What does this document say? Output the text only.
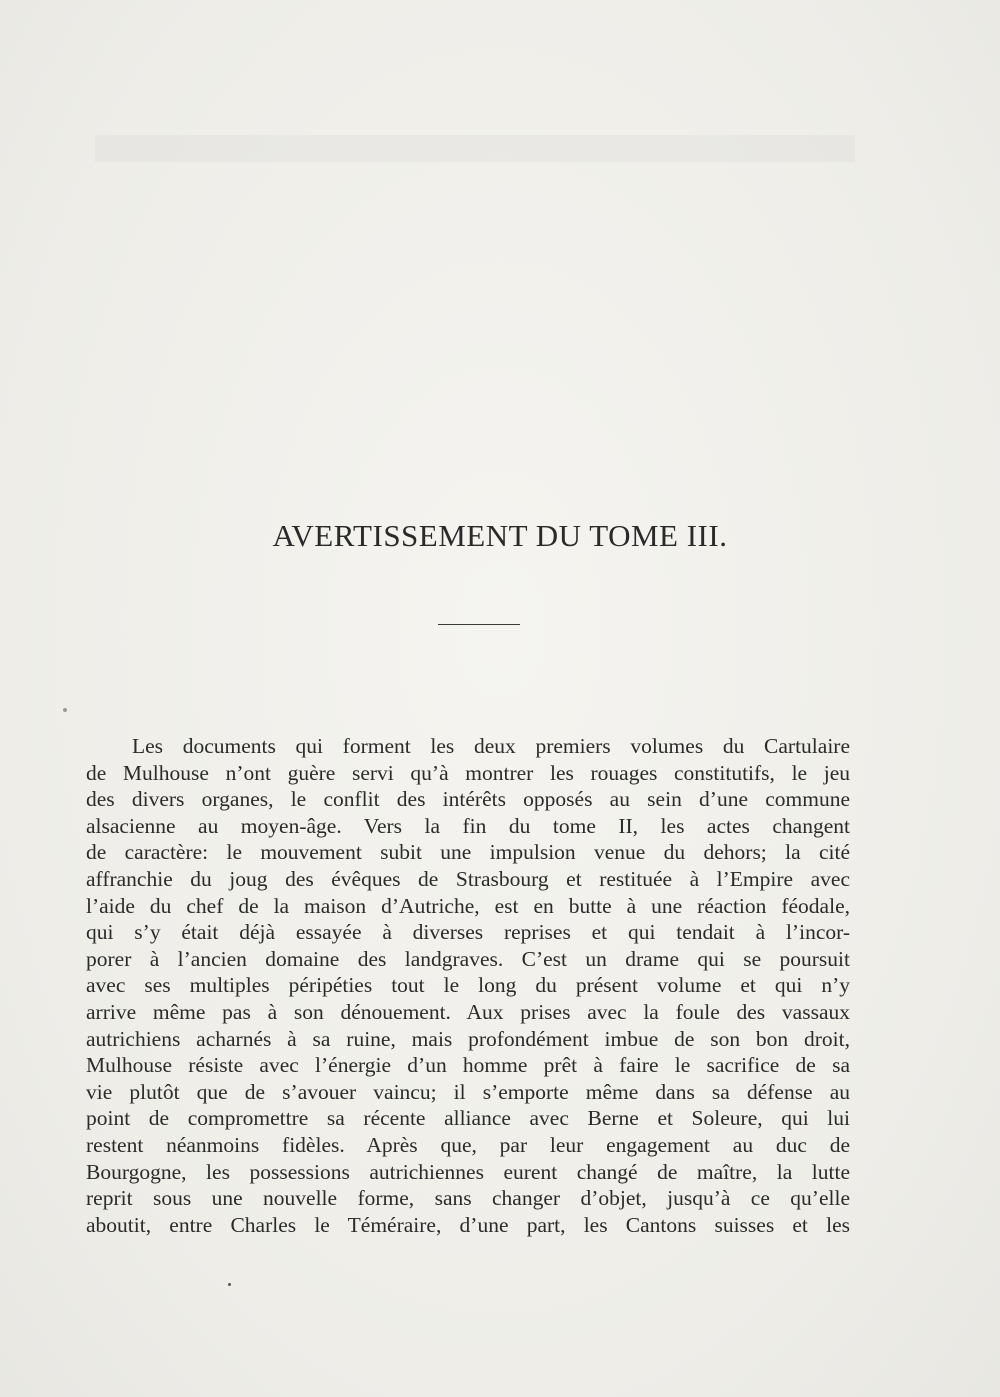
AVERTISSEMENT DU TOME III.
Les documents qui forment les deux premiers volumes du Cartulaire
de Mulhouse n’ont guère servi qu’à montrer les rouages constitutifs, le jeu
des divers organes, le conflit des intérêts opposés au sein d’une commune
alsacienne au moyen-âge. Vers la fin du tome II, les actes changent
de caractère: le mouvement subit une impulsion venue du dehors; la cité
affranchie du joug des évêques de Strasbourg et restituée à l’Empire avec
l’aide du chef de la maison d’Autriche, est en butte à une réaction féodale,
qui s’y était déjà essayée à diverses reprises et qui tendait à l’incor-
porer à l’ancien domaine des landgraves. C’est un drame qui se poursuit
avec ses multiples péripéties tout le long du présent volume et qui n’y
arrive même pas à son dénouement. Aux prises avec la foule des vassaux
autrichiens acharnés à sa ruine, mais profondément imbue de son bon droit,
Mulhouse résiste avec l’énergie d’un homme prêt à faire le sacrifice de sa
vie plutôt que de s’avouer vaincu; il s’emporte même dans sa défense au
point de compromettre sa récente alliance avec Berne et Soleure, qui lui
restent néanmoins fidèles. Après que, par leur engagement au duc de
Bourgogne, les possessions autrichiennes eurent changé de maître, la lutte
reprit sous une nouvelle forme, sans changer d’objet, jusqu’à ce qu’elle
aboutit, entre Charles le Téméraire, d’une part, les Cantons suisses et les
